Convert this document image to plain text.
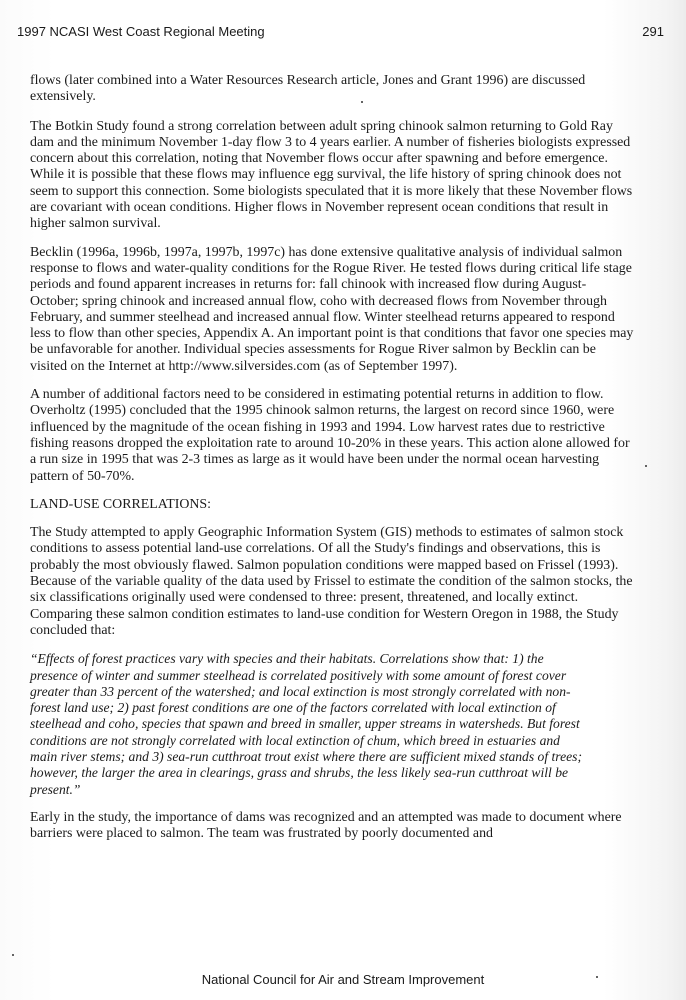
1997 NCASI West Coast Regional Meeting	291

flows (later combined into a Water Resources Research article, Jones and Grant 1996) are discussed extensively.

The Botkin Study found a strong correlation between adult spring chinook salmon returning to Gold Ray dam and the minimum November 1-day flow 3 to 4 years earlier. A number of fisheries biologists expressed concern about this correlation, noting that November flows occur after spawning and before emergence. While it is possible that these flows may influence egg survival, the life history of spring chinook does not seem to support this connection. Some biologists speculated that it is more likely that these November flows are covariant with ocean conditions. Higher flows in November represent ocean conditions that result in higher salmon survival.

Becklin (1996a, 1996b, 1997a, 1997b, 1997c) has done extensive qualitative analysis of individual salmon response to flows and water-quality conditions for the Rogue River. He tested flows during critical life stage periods and found apparent increases in returns for: fall chinook with increased flow during August-October; spring chinook and increased annual flow, coho with decreased flows from November through February, and summer steelhead and increased annual flow. Winter steelhead returns appeared to respond less to flow than other species, Appendix A. An important point is that conditions that favor one species may be unfavorable for another. Individual species assessments for Rogue River salmon by Becklin can be visited on the Internet at http://www.silversides.com (as of September 1997).

A number of additional factors need to be considered in estimating potential returns in addition to flow. Overholtz (1995) concluded that the 1995 chinook salmon returns, the largest on record since 1960, were influenced by the magnitude of the ocean fishing in 1993 and 1994. Low harvest rates due to restrictive fishing reasons dropped the exploitation rate to around 10-20% in these years. This action alone allowed for a run size in 1995 that was 2-3 times as large as it would have been under the normal ocean harvesting pattern of 50-70%.

LAND-USE CORRELATIONS:

The Study attempted to apply Geographic Information System (GIS) methods to estimates of salmon stock conditions to assess potential land-use correlations. Of all the Study's findings and observations, this is probably the most obviously flawed. Salmon population conditions were mapped based on Frissel (1993). Because of the variable quality of the data used by Frissel to estimate the condition of the salmon stocks, the six classifications originally used were condensed to three: present, threatened, and locally extinct. Comparing these salmon condition estimates to land-use condition for Western Oregon in 1988, the Study concluded that:

“Effects of forest practices vary with species and their habitats. Correlations show that: 1) the presence of winter and summer steelhead is correlated positively with some amount of forest cover greater than 33 percent of the watershed; and local extinction is most strongly correlated with non-forest land use; 2) past forest conditions are one of the factors correlated with local extinction of steelhead and coho, species that spawn and breed in smaller, upper streams in watersheds. But forest conditions are not strongly correlated with local extinction of chum, which breed in estuaries and main river stems; and 3) sea-run cutthroat trout exist where there are sufficient mixed stands of trees; however, the larger the area in clearings, grass and shrubs, the less likely sea-run cutthroat will be present.”

Early in the study, the importance of dams was recognized and an attempted was made to document where barriers were placed to salmon. The team was frustrated by poorly documented and

National Council for Air and Stream Improvement
